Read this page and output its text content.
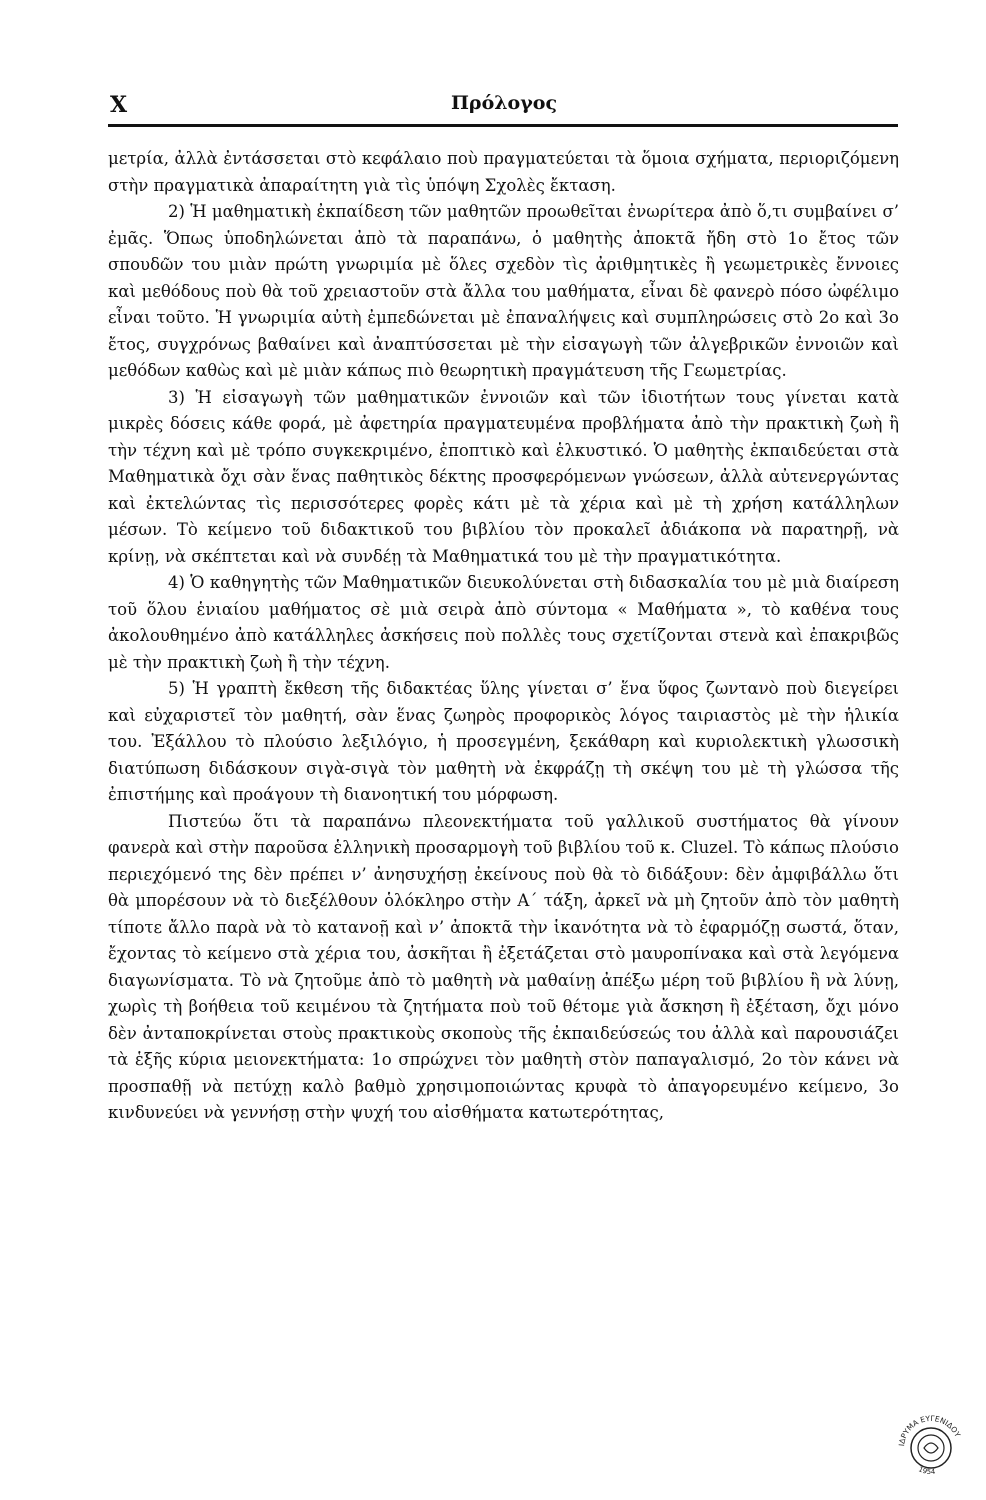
X	Πρόλογος

μετρία, ἀλλὰ ἐντάσσεται στὸ κεφάλαιο ποὺ πραγματεύεται τὰ ὅμοια σχήματα, περιοριζόμενη στὴν πραγματικὰ ἀπαραίτητη γιὰ τὶς ὑπόψη Σχολὲς ἔκταση.

2) Ἡ μαθηματικὴ ἐκπαίδεση τῶν μαθητῶν προωθεῖται ἐνωρίτερα ἀπὸ ὅ,τι συμβαίνει σ’ ἐμᾶς. Ὅπως ὑποδηλώνεται ἀπὸ τὰ παραπάνω, ὁ μαθητὴς ἀποκτᾶ ἤδη στὸ 1ο ἔτος τῶν σπουδῶν του μιὰν πρώτη γνωριμία μὲ ὅλες σχεδὸν τὶς ἀριθμητικὲς ἢ γεωμετρικὲς ἔννοιες καὶ μεθόδους ποὺ θὰ τοῦ χρειαστοῦν στὰ ἄλλα του μαθήματα, εἶναι δὲ φανερὸ πόσο ὠφέλιμο εἶναι τοῦτο. Ἡ γνωριμία αὐτὴ ἐμπεδώνεται μὲ ἐπαναλήψεις καὶ συμπληρώσεις στὸ 2ο καὶ 3ο ἔτος, συγχρόνως βαθαίνει καὶ ἀναπτύσσεται μὲ τὴν εἰσαγωγὴ τῶν ἀλγεβρικῶν ἐννοιῶν καὶ μεθόδων καθὼς καὶ μὲ μιὰν κάπως πιὸ θεωρητικὴ πραγμάτευση τῆς Γεωμετρίας.

3) Ἡ εἰσαγωγὴ τῶν μαθηματικῶν ἐννοιῶν καὶ τῶν ἰδιοτήτων τους γίνεται κατὰ μικρὲς δόσεις κάθε φορά, μὲ ἀφετηρία πραγματευμένα προβλήματα ἀπὸ τὴν πρακτικὴ ζωὴ ἢ τὴν τέχνη καὶ μὲ τρόπο συγκεκριμένο, ἐποπτικὸ καὶ ἑλκυστικό. Ὁ μαθητὴς ἐκπαιδεύεται στὰ Μαθηματικὰ ὄχι σὰν ἕνας παθητικὸς δέκτης προσφερόμενων γνώσεων, ἀλλὰ αὐτενεργώντας καὶ ἐκτελώντας τὶς περισσότερες φορὲς κάτι μὲ τὰ χέρια καὶ μὲ τὴ χρήση κατάλληλων μέσων. Τὸ κείμενο τοῦ διδακτικοῦ του βιβλίου τὸν προκαλεῖ ἀδιάκοπα νὰ παρατηρῇ, νὰ κρίνῃ, νὰ σκέπτεται καὶ νὰ συνδέῃ τὰ Μαθηματικά του μὲ τὴν πραγματικότητα.

4) Ὁ καθηγητὴς τῶν Μαθηματικῶν διευκολύνεται στὴ διδασκαλία του μὲ μιὰ διαίρεση τοῦ ὅλου ἑνιαίου μαθήματος σὲ μιὰ σειρὰ ἀπὸ σύντομα « Μαθήματα », τὸ καθένα τους ἀκολουθημένο ἀπὸ κατάλληλες ἀσκήσεις ποὺ πολλὲς τους σχετίζονται στενὰ καὶ ἐπακριβῶς μὲ τὴν πρακτικὴ ζωὴ ἢ τὴν τέχνη.

5) Ἡ γραπτὴ ἔκθεση τῆς διδακτέας ὕλης γίνεται σ’ ἕνα ὕφος ζωντανὸ ποὺ διεγείρει καὶ εὐχαριστεῖ τὸν μαθητή, σὰν ἕνας ζωηρὸς προφορικὸς λόγος ταιριαστὸς μὲ τὴν ἡλικία του. Ἐξάλλου τὸ πλούσιο λεξιλόγιο, ἡ προσεγμένη, ξεκάθαρη καὶ κυριολεκτικὴ γλωσσικὴ διατύπωση διδάσκουν σιγὰ-σιγὰ τὸν μαθητὴ νὰ ἐκφράζῃ τὴ σκέψη του μὲ τὴ γλώσσα τῆς ἐπιστήμης καὶ προάγουν τὴ διανοητική του μόρφωση.

Πιστεύω ὅτι τὰ παραπάνω πλεονεκτήματα τοῦ γαλλικοῦ συστήματος θὰ γίνουν φανερὰ καὶ στὴν παροῦσα ἑλληνικὴ προσαρμογὴ τοῦ βιβλίου τοῦ κ. Cluzel. Τὸ κάπως πλούσιο περιεχόμενό της δὲν πρέπει ν’ ἀνησυχήσῃ ἐκείνους ποὺ θὰ τὸ διδάξουν: δὲν ἀμφιβάλλω ὅτι θὰ μπορέσουν νὰ τὸ διεξέλθουν ὁλόκληρο στὴν Α΄ τάξη, ἀρκεῖ νὰ μὴ ζητοῦν ἀπὸ τὸν μαθητὴ τίποτε ἄλλο παρὰ νὰ τὸ κατανοῇ καὶ ν’ ἀποκτᾶ τὴν ἱκανότητα νὰ τὸ ἐφαρμόζῃ σωστά, ὅταν, ἔχοντας τὸ κείμενο στὰ χέρια του, ἀσκῆται ἢ ἐξετάζεται στὸ μαυροπίνακα καὶ στὰ λεγόμενα διαγωνίσματα. Τὸ νὰ ζητοῦμε ἀπὸ τὸ μαθητὴ νὰ μαθαίνῃ ἀπέξω μέρη τοῦ βιβλίου ἢ νὰ λύνῃ, χωρὶς τὴ βοήθεια τοῦ κειμένου τὰ ζητήματα ποὺ τοῦ θέτομε γιὰ ἄσκηση ἢ ἐξέταση, ὄχι μόνο δὲν ἀνταποκρίνεται στοὺς πρακτικοὺς σκοποὺς τῆς ἐκπαιδεύσεώς του ἀλλὰ καὶ παρουσιάζει τὰ ἑξῆς κύρια μειονεκτήματα: 1ο σπρώχνει τὸν μαθητὴ στὸν παπαγαλισμό, 2ο τὸν κάνει νὰ προσπαθῇ νὰ πετύχῃ καλὸ βαθμὸ χρησιμοποιώντας κρυφὰ τὸ ἀπαγορευμένο κείμενο, 3ο κινδυνεύει νὰ γεννήσῃ στὴν ψυχή του αἰσθήματα κατωτερότητας,

ΙΔΡΥΜΑ ΕΥΓΕΝΙΔΟΥ
1954
